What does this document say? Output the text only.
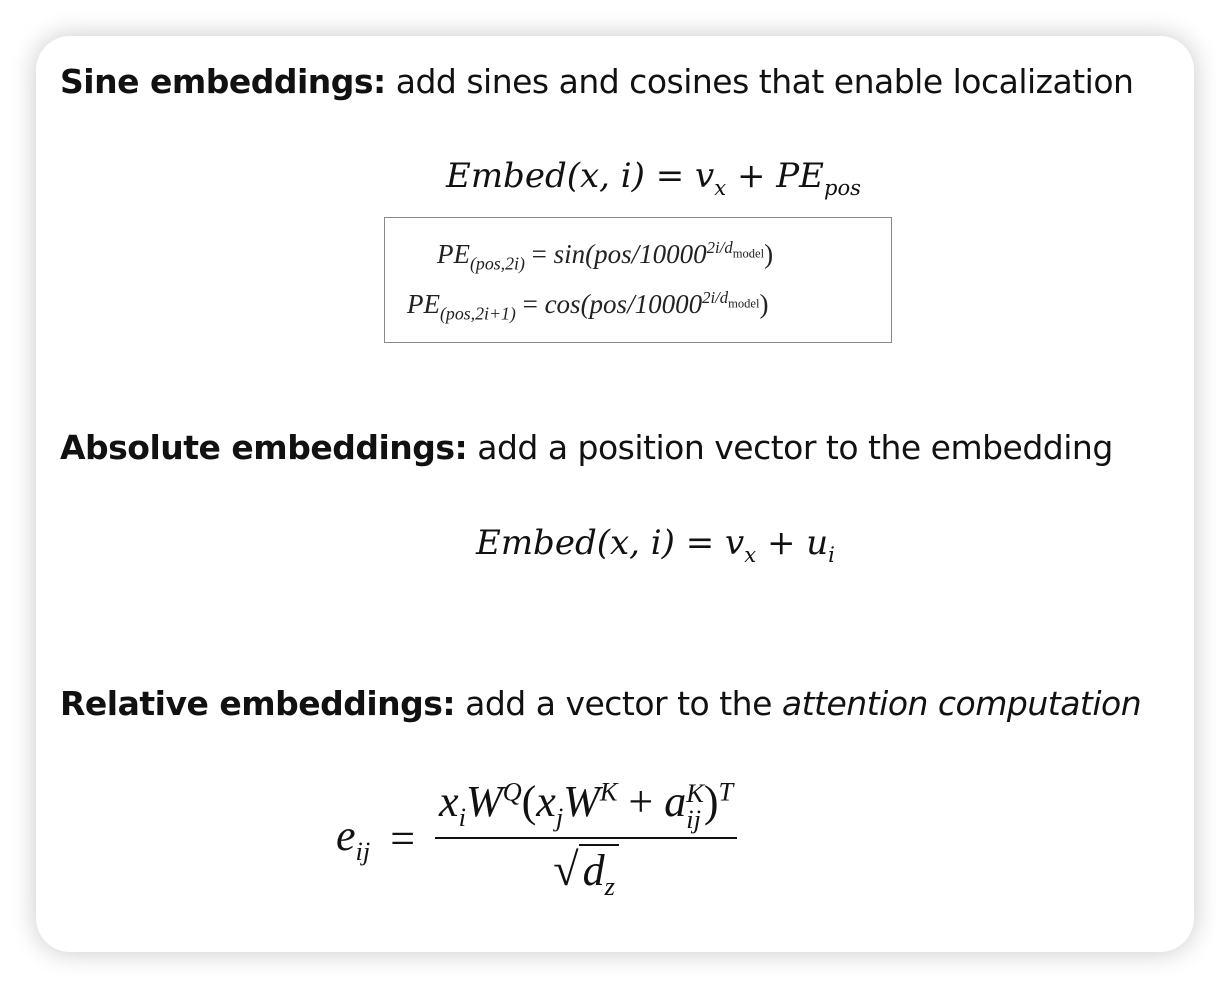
Sine embeddings: add sines and cosines that enable localization
Embed(x, $i) = v_x + PE_{pos}$
$PE_{(pos,2i)} = \sin(pos/10000^{2i/d_{model}})$
$PE_{(pos,2i+1)} = \cos(pos/10000^{2i/d_{model}})$
Absolute embeddings: add a position vector to the embedding
Embed(x, $i) = v_x + u_i$
Relative embeddings: add a vector to the attention computation
$e_{ij} = x_iW^Q(x_jW^K + a$ K
ij )$^T$
$√d_z$
